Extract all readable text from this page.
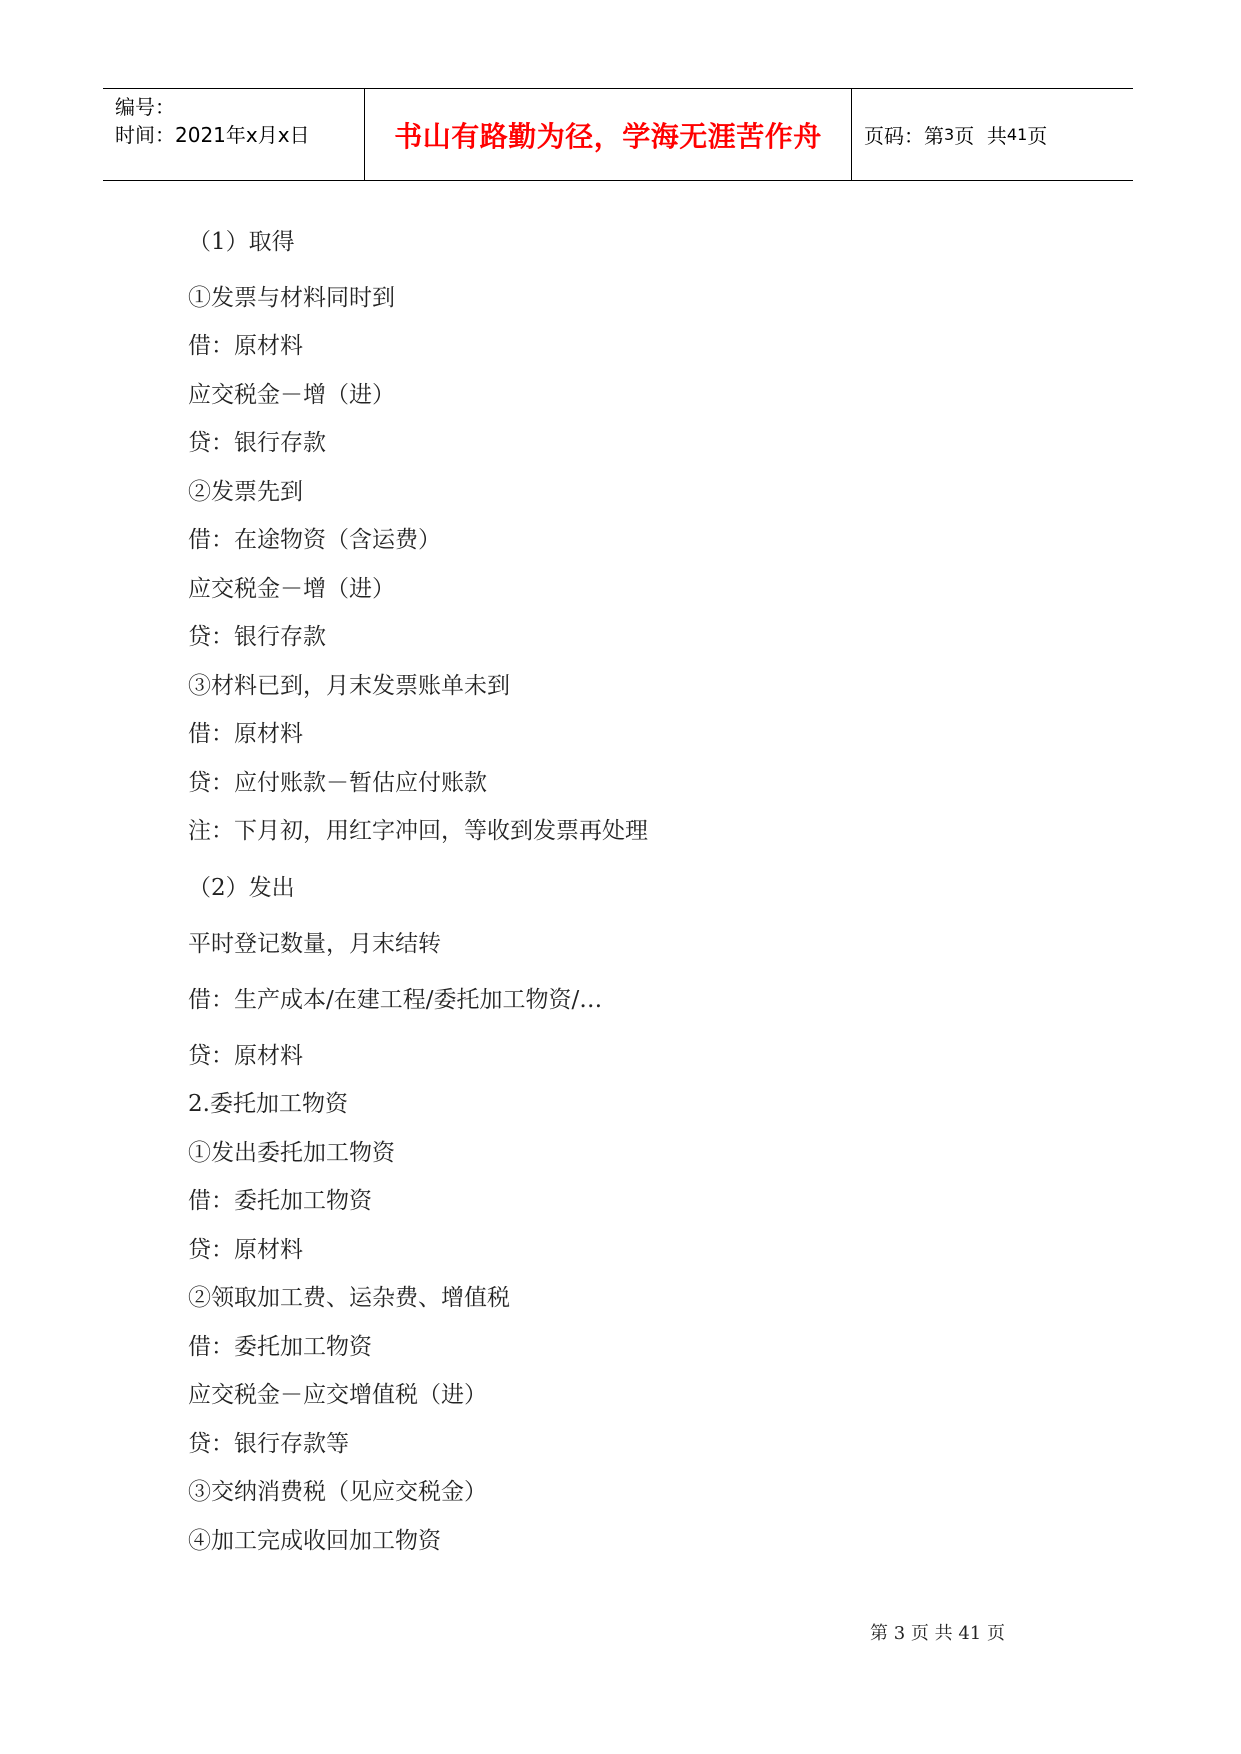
编号：
时间：2021年x月x日	书山有路勤为径，学海无涯苦作舟	页码：第 3 页  共 41 页
（1）取得
①发票与材料同时到
借：原材料
应交税金－增（进）
贷：银行存款
②发票先到
借：在途物资（含运费）
应交税金－增（进）
贷：银行存款
③材料已到，月末发票账单未到
借：原材料
贷：应付账款－暂估应付账款
注：下月初，用红字冲回，等收到发票再处理
（2）发出
平时登记数量，月末结转
借：生产成本/在建工程/委托加工物资/…
贷：原材料
2.委托加工物资
①发出委托加工物资
借：委托加工物资
贷：原材料
②领取加工费、运杂费、增值税
借：委托加工物资
应交税金－应交增值税（进）
贷：银行存款等
③交纳消费税（见应交税金）
④加工完成收回加工物资
第 3 页 共 41 页
